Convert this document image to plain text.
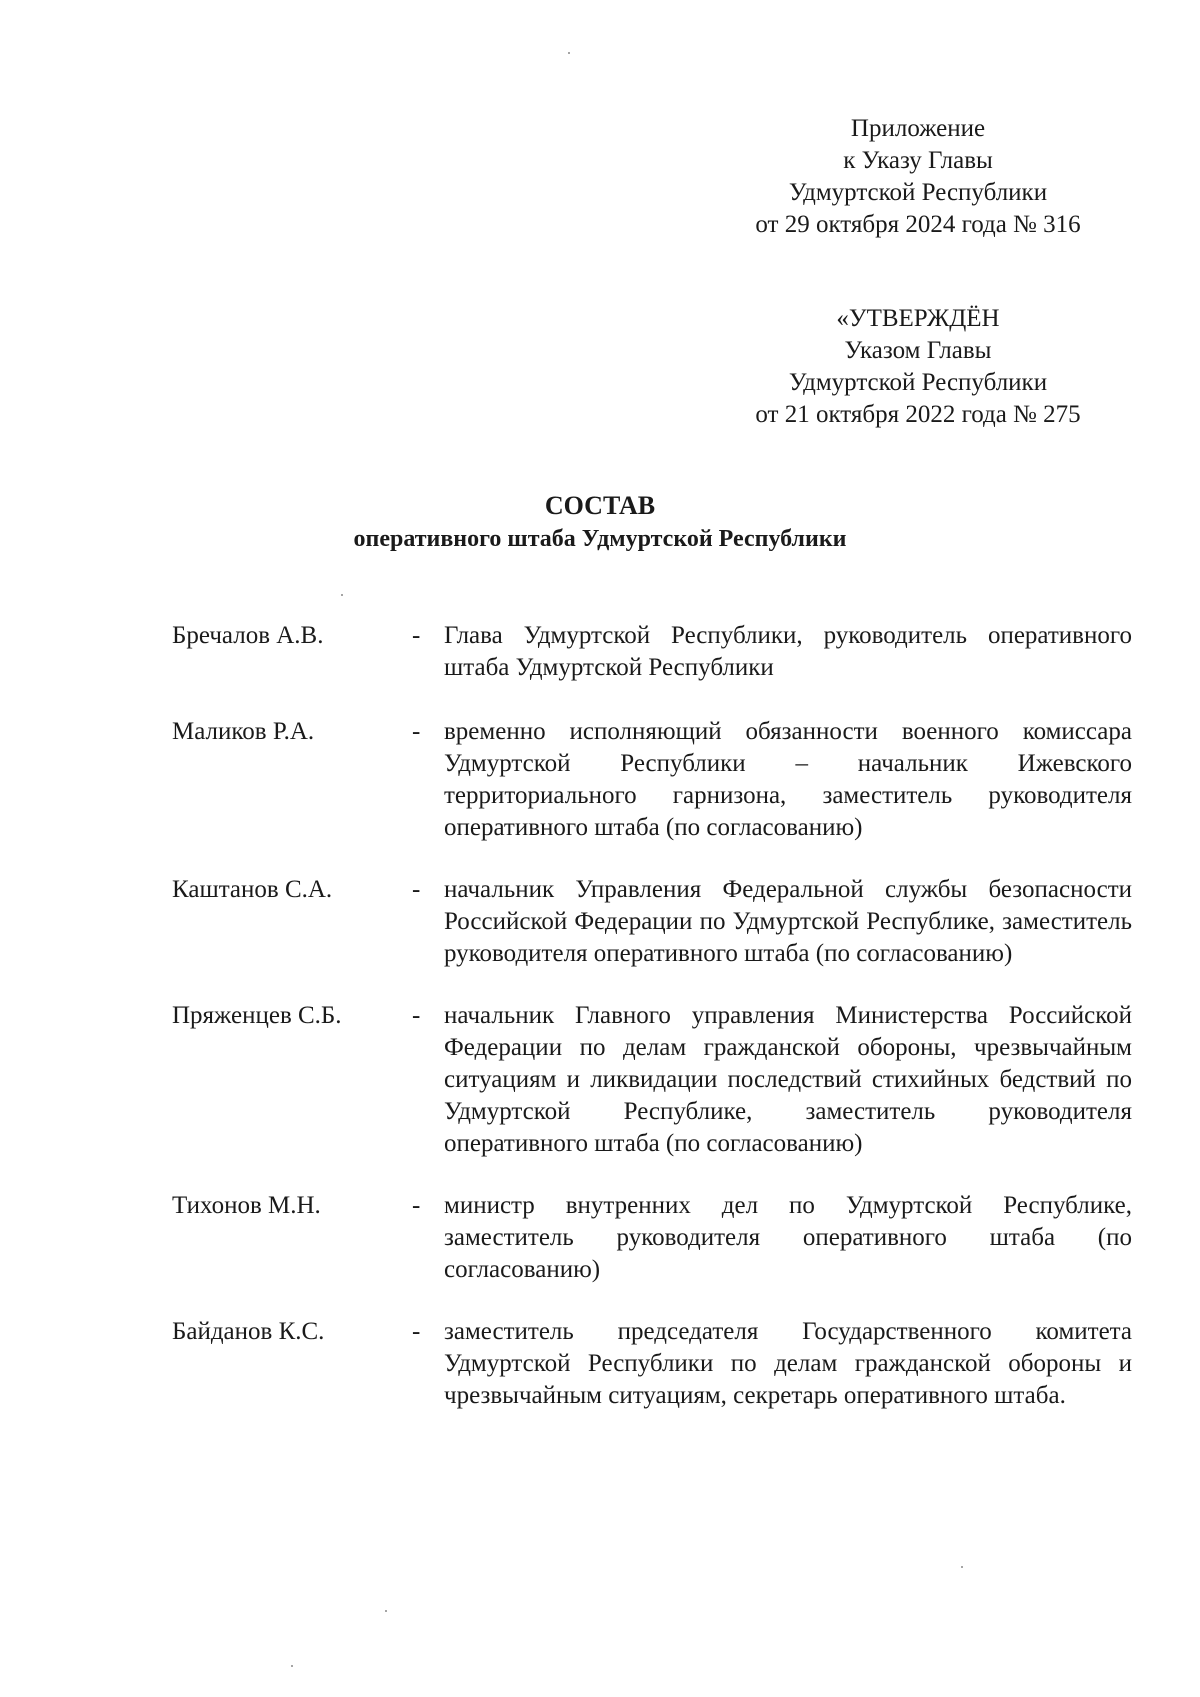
Приложение
к Указу Главы
Удмуртской Республики
от 29 октября 2024 года № 316
«УТВЕРЖДЁН
Указом Главы
Удмуртской Республики
от 21 октября 2022 года № 275
СОСТАВ
оперативного штаба Удмуртской Республики
Бречалов А.В.	- Глава Удмуртской Республики, руководитель оперативного штаба Удмуртской Республики
Маликов Р.А.	- временно исполняющий обязанности военного комиссара Удмуртской Республики – начальник Ижевского территориального гарнизона, заместитель руководителя оперативного штаба (по согласованию)
Каштанов С.А.	- начальник Управления Федеральной службы безопасности Российской Федерации по Удмуртской Республике, заместитель руководителя оперативного штаба (по согласованию)
Пряженцев С.Б.	- начальник Главного управления Министерства Российской Федерации по делам гражданской обороны, чрезвычайным ситуациям и ликвидации последствий стихийных бедствий по Удмуртской Республике, заместитель руководителя оперативного штаба (по согласованию)
Тихонов М.Н.	- министр внутренних дел по Удмуртской Республике, заместитель руководителя оперативного штаба (по согласованию)
Байданов К.С.	- заместитель председателя Государственного комитета Удмуртской Республики по делам гражданской обороны и чрезвычайным ситуациям, секретарь оперативного штаба.
